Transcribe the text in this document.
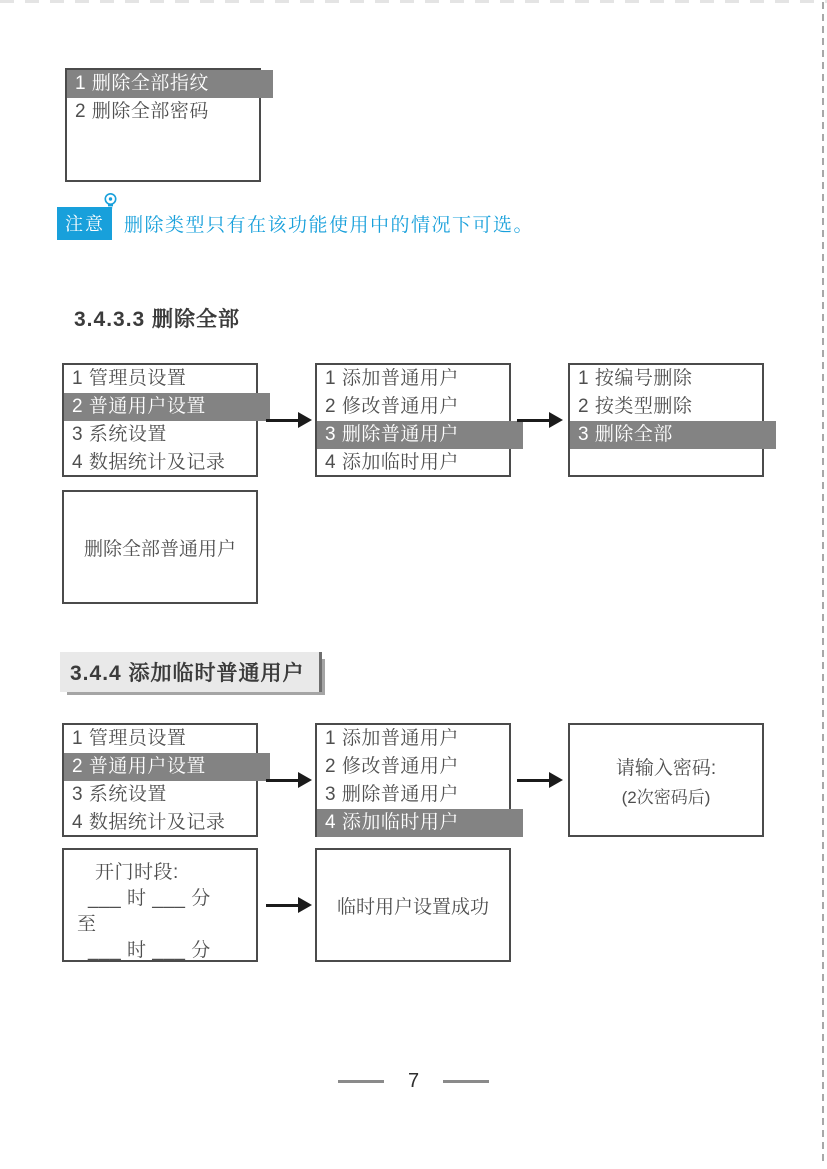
1 删除全部指纹
2 删除全部密码
注意	删除类型只有在该功能使用中的情况下可选。
3.4.3.3 删除全部
1 管理员设置
2 普通用户设置
3 系统设置
4 数据统计及记录
1 添加普通用户
2 修改普通用户
3 删除普通用户
4 添加临时用户
1 按编号删除
2 按类型删除
3 删除全部
删除全部普通用户
3.4.4 添加临时普通用户
1 管理员设置
2 普通用户设置
3 系统设置
4 数据统计及记录
1 添加普通用户
2 修改普通用户
3 删除普通用户
4 添加临时用户
请输入密码:
(2次密码后)
开门时段:
___ 时 ___ 分
至
___ 时 ___ 分
临时用户设置成功
7
